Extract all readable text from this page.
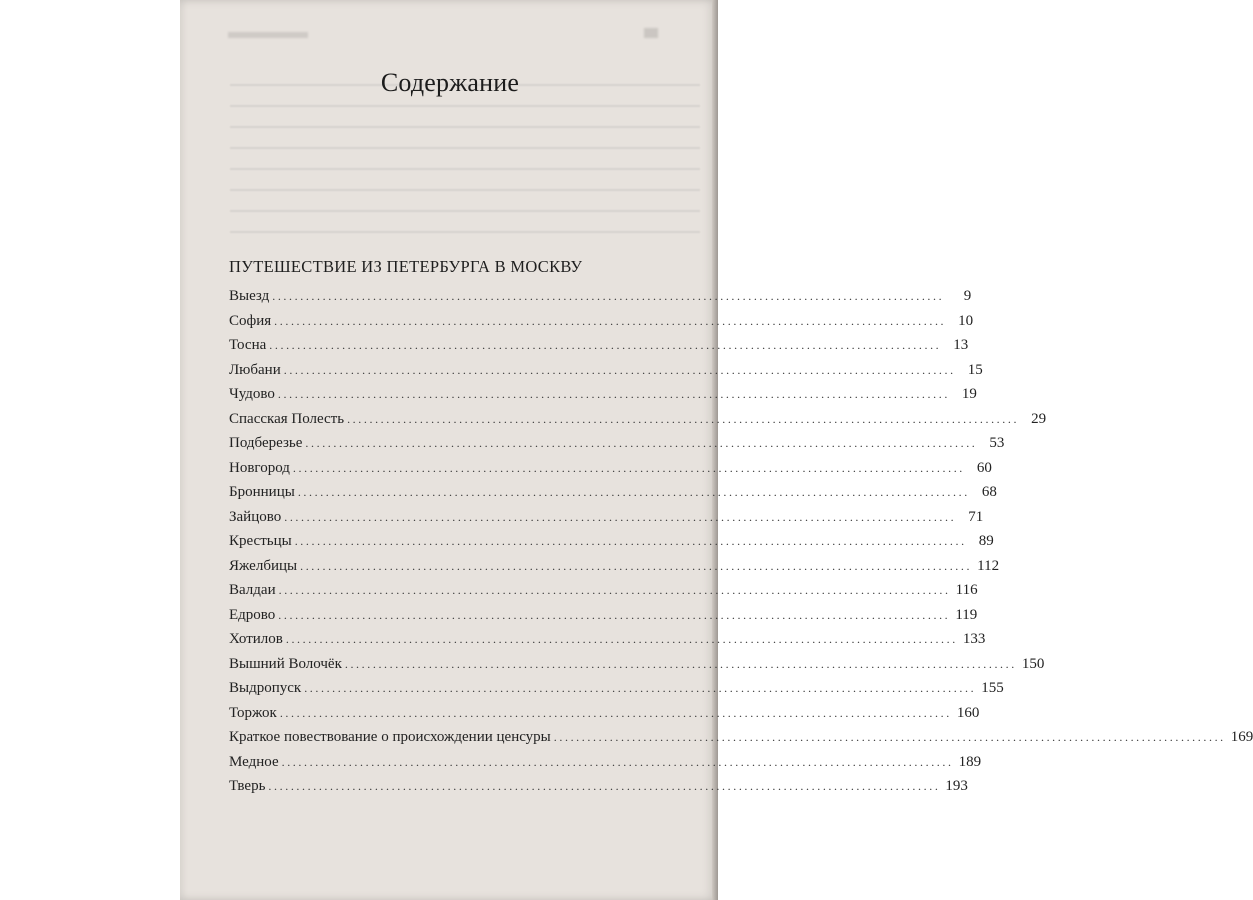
Содержание
ПУТЕШЕСТВИЕ ИЗ ПЕТЕРБУРГА В МОСКВУ
Выезд ........................................................................................................................	9
София ........................................................................................................................ 10
Тосна ........................................................................................................................ 13
Любани ........................................................................................................................ 15
Чудово ........................................................................................................................ 19
Спасская Полесть ........................................................................................................................ 29
Подберезье ........................................................................................................................ 53
Новгород ........................................................................................................................ 60
Бронницы ........................................................................................................................ 68
Зайцово ........................................................................................................................ 71
Крестьцы ........................................................................................................................ 89
Яжелбицы ........................................................................................................................ 112
Валдаи ........................................................................................................................ 116
Едрово ........................................................................................................................ 119
Хотилов ........................................................................................................................ 133
Вышний Волочёк ........................................................................................................................ 150
Выдропуск ........................................................................................................................ 155
Торжок ........................................................................................................................ 160
Краткое повествование о происхождении ценсуры ........................................................................................................................ 169
Медное ........................................................................................................................ 189
Тверь ........................................................................................................................ 193
